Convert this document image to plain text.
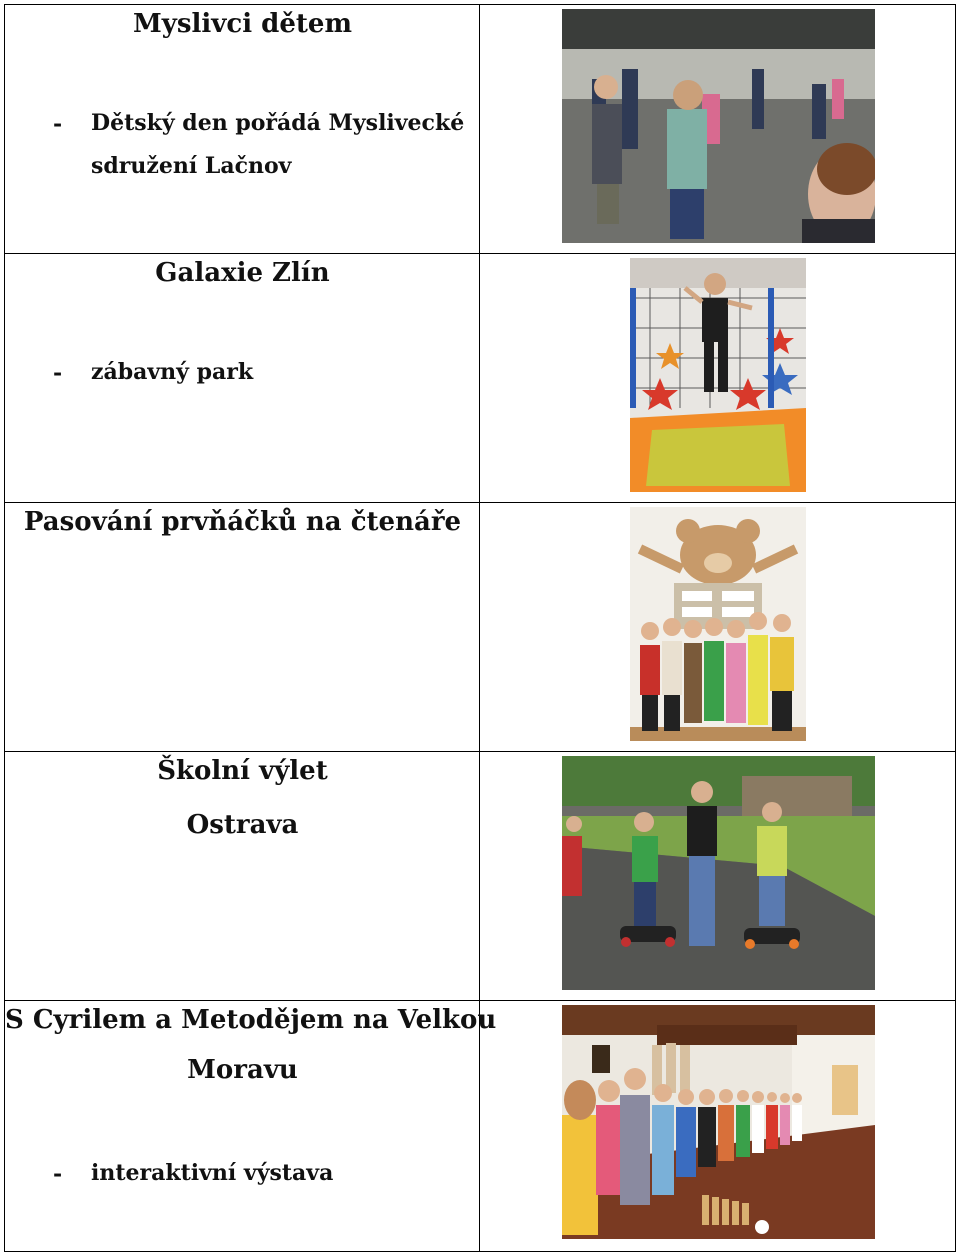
Myslivci dětem
- Dětský den pořádá Myslivecké sdružení Lačnov
Galaxie Zlín
- zábavný park
Pasování prvňáčků na čtenáře
Školní výlet
Ostrava
S Cyrilem a Metodějem na Velkou
Moravu
- interaktivní výstava
